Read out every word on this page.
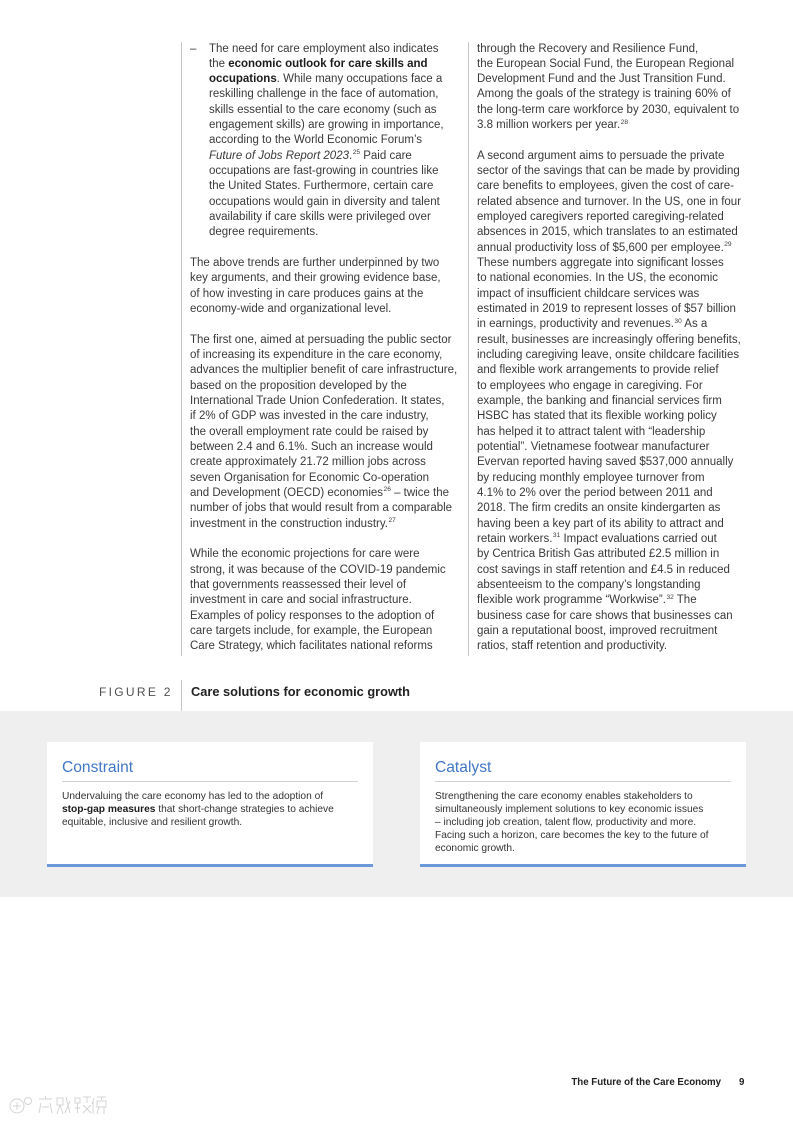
– The need for care employment also indicates
the economic outlook for care skills and
occupations. While many occupations face a
reskilling challenge in the face of automation,
skills essential to the care economy (such as
engagement skills) are growing in importance,
according to the World Economic Forum’s
Future of Jobs Report 2023.25 Paid care
occupations are fast-growing in countries like
the United States. Furthermore, certain care
occupations would gain in diversity and talent
availability if care skills were privileged over
degree requirements.
The above trends are further underpinned by two
key arguments, and their growing evidence base,
of how investing in care produces gains at the
economy-wide and organizational level.
The first one, aimed at persuading the public sector
of increasing its expenditure in the care economy,
advances the multiplier benefit of care infrastructure,
based on the proposition developed by the
International Trade Union Confederation. It states,
if 2% of GDP was invested in the care industry,
the overall employment rate could be raised by
between 2.4 and 6.1%. Such an increase would
create approximately 21.72 million jobs across
seven Organisation for Economic Co-operation
and Development (OECD) economies$^{26}$ – twice the
number of jobs that would result from a comparable
investment in the construction industry.$^{27}$
While the economic projections for care were
strong, it was because of the COVID-19 pandemic
that governments reassessed their level of
investment in care and social infrastructure.
Examples of policy responses to the adoption of
care targets include, for example, the European
Care Strategy, which facilitates national reforms
through the Recovery and Resilience Fund,
the European Social Fund, the European Regional
Development Fund and the Just Transition Fund.
Among the goals of the strategy is training 60% of
the long-term care workforce by 2030, equivalent to
3.8 million workers per year.$^{28}$
A second argument aims to persuade the private
sector of the savings that can be made by providing
care benefits to employees, given the cost of care-
related absence and turnover. In the US, one in four
employed caregivers reported caregiving-related
absences in 2015, which translates to an estimated
annual productivity loss of $5,600 per employee.$^{29}$
These numbers aggregate into significant losses
to national economies. In the US, the economic
impact of insufficient childcare services was
estimated in 2019 to represent losses of $57 billion
in earnings, productivity and revenues.$^{30}$ As a
result, businesses are increasingly offering benefits,
including caregiving leave, onsite childcare facilities
and flexible work arrangements to provide relief
to employees who engage in caregiving. For
example, the banking and financial services firm
HSBC has stated that its flexible working policy
has helped it to attract talent with “leadership
potential”. Vietnamese footwear manufacturer
Evervan reported having saved $537,000 annually
by reducing monthly employee turnover from
4.1% to 2% over the period between 2011 and
2018. The firm credits an onsite kindergarten as
having been a key part of its ability to attract and
retain workers.$^{31}$ Impact evaluations carried out
by Centrica British Gas attributed £2.5 million in
cost savings in staff retention and £4.5 in reduced
absenteeism to the company’s longstanding
flexible work programme “Workwise”.$^{32}$ The
business case for care shows that businesses can
gain a reputational boost, improved recruitment
ratios, staff retention and productivity.
FIGURE 2 Care solutions for economic growth
Constraint
Undervaluing the care economy has led to the adoption of
stop-gap measures that short-change strategies to achieve
equitable, inclusive and resilient growth.
Catalyst
Strengthening the care economy enables stakeholders to
simultaneously implement solutions to key economic issues
– including job creation, talent flow, productivity and more.
Facing such a horizon, care becomes the key to the future of
economic growth.
The Future of the Care Economy 9
